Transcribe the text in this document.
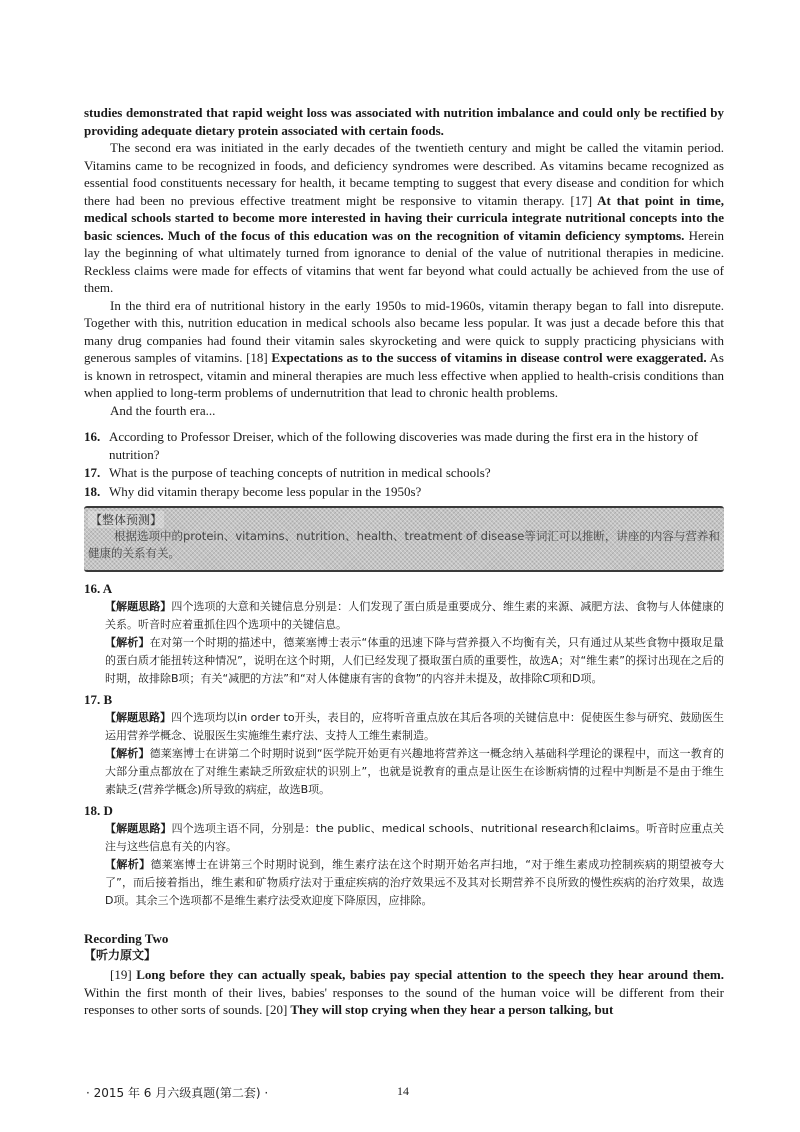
studies demonstrated that rapid weight loss was associated with nutrition imbalance and could only be rectified by providing adequate dietary protein associated with certain foods.

The second era was initiated in the early decades of the twentieth century and might be called the vitamin period. Vitamins came to be recognized in foods, and deficiency syndromes were described. As vitamins became recognized as essential food constituents necessary for health, it became tempting to suggest that every disease and condition for which there had been no previous effective treatment might be responsive to vitamin therapy. [17] At that point in time, medical schools started to become more interested in having their curricula integrate nutritional concepts into the basic sciences. Much of the focus of this education was on the recognition of vitamin deficiency symptoms. Herein lay the beginning of what ultimately turned from ignorance to denial of the value of nutritional therapies in medicine. Reckless claims were made for effects of vitamins that went far beyond what could actually be achieved from the use of them.

In the third era of nutritional history in the early 1950s to mid-1960s, vitamin therapy began to fall into disrepute. Together with this, nutrition education in medical schools also became less popular. It was just a decade before this that many drug companies had found their vitamin sales skyrocketing and were quick to supply practicing physicians with generous samples of vitamins. [18] Expectations as to the success of vitamins in disease control were exaggerated. As is known in retrospect, vitamin and mineral therapies are much less effective when applied to health-crisis conditions than when applied to long-term problems of undernutrition that lead to chronic health problems.

And the fourth era...

16. According to Professor Dreiser, which of the following discoveries was made during the first era in the history of nutrition?
17. What is the purpose of teaching concepts of nutrition in medical schools?
18. Why did vitamin therapy become less popular in the 1950s?
【整体预测】
根据选项中的protein、vitamins、nutrition、health、treatment of disease等词汇可以推断，讲座的内容与营养和健康的关系有关。
16. A
【解题思路】四个选项的大意和关键信息分别是：人们发现了蛋白质是重要成分、维生素的来源、减肥方法、食物与人体健康的关系。听音时应着重抓住四个选项中的关键信息。
【解析】在对第一个时期的描述中，德莱塞博士表示“体重的迅速下降与营养摄入不均衡有关，只有通过从某些食物中摄取足量的蛋白质才能扭转这种情况”，说明在这个时期，人们已经发现了摄取蛋白质的重要性，故选A；对“维生素”的探讨出现在之后的时期，故排除B项；有关“减肥的方法”和“对人体健康有害的食物”的内容并未提及，故排除C项和D项。
17. B
【解题思路】四个选项均以in order to开头，表目的，应将听音重点放在其后各项的关键信息中：促使医生参与研究、鼓励医生运用营养学概念、说服医生实施维生素疗法、支持人工维生素制造。
【解析】德莱塞博士在讲第二个时期时说到“医学院开始更有兴趣地将营养这一概念纳入基础科学理论的课程中，而这一教育的大部分重点都放在了对维生素缺乏所致症状的识别上”，也就是说教育的重点是让医生在诊断病情的过程中判断是不是由于维生素缺乏(营养学概念)所导致的病症，故选B项。
18. D
【解题思路】四个选项主语不同，分别是：the public、medical schools、nutritional research和claims。听音时应重点关注与这些信息有关的内容。
【解析】德莱塞博士在讲第三个时期时说到，维生素疗法在这个时期开始名声扫地，“对于维生素成功控制疾病的期望被夸大了”，而后接着指出，维生素和矿物质疗法对于重症疾病的治疗效果远不及其对长期营养不良所致的慢性疾病的治疗效果，故选D项。其余三个选项都不是维生素疗法受欢迎度下降原因，应排除。
Recording Two
【听力原文】

[19] Long before they can actually speak, babies pay special attention to the speech they hear around them. Within the first month of their lives, babies' responses to the sound of the human voice will be different from their responses to other sorts of sounds. [20] They will stop crying when they hear a person talking, but

· 2015 年 6 月六级真题(第二套) ·	14
